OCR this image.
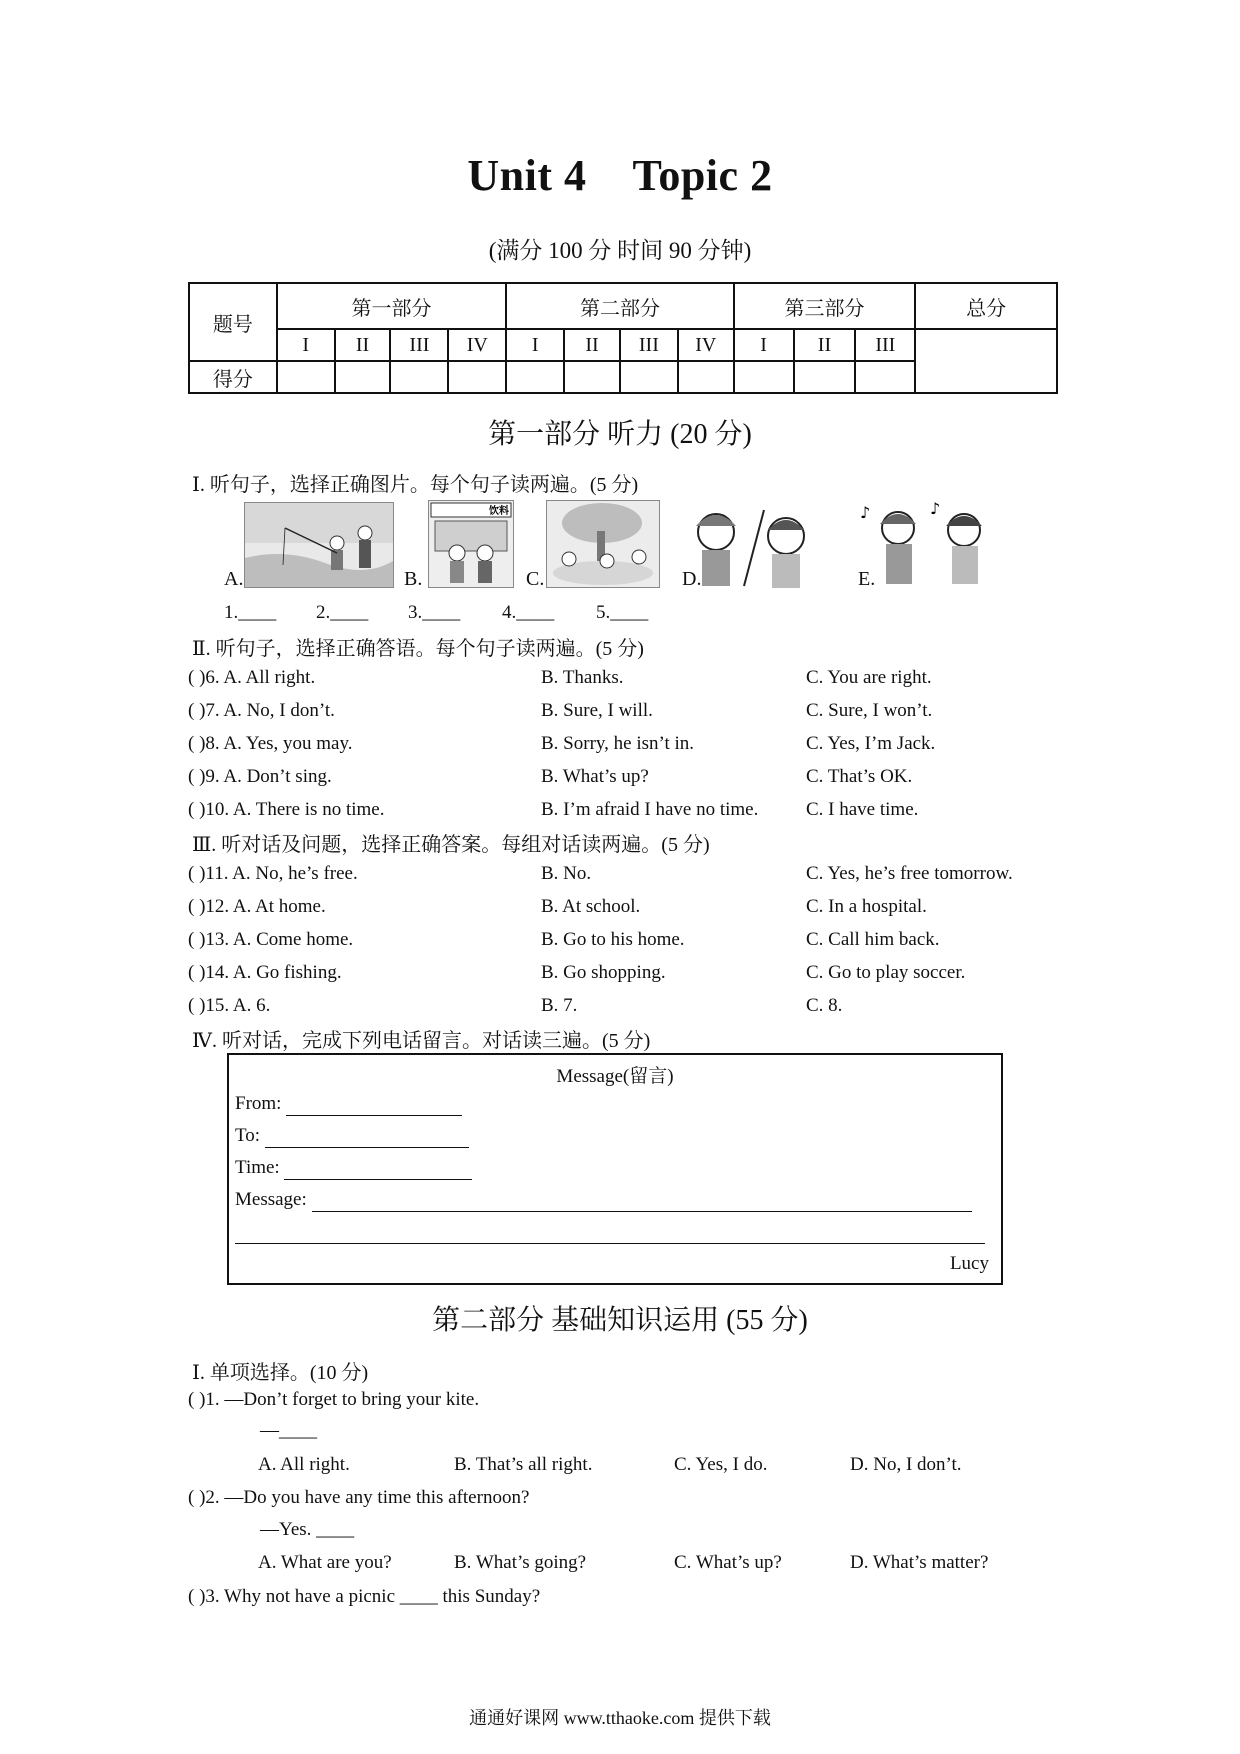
Unit 4 Topic 2
(满分 100 分 时间 90 分钟)
题号	第一部分				第二部分				第三部分			总分
	I	II	III	IV	I	II	III	IV	I	II	III	
得分												
第一部分 听力 (20 分)
Ⅰ. 听句子，选择正确图片。每个句子读两遍。(5 分)
饮料	♪	♪
A.	B.	C.	D.	E.
1.____ 2.____ 3.____ 4.____ 5.____
Ⅱ. 听句子，选择正确答语。每个句子读两遍。(5 分)
( )6. A. All right.	B. Thanks.	C. You are right.
( )7. A. No, I don’t.	B. Sure, I will.	C. Sure, I won’t.
( )8. A. Yes, you may.	B. Sorry, he isn’t in.	C. Yes, I’m Jack.
( )9. A. Don’t sing.	B. What’s up?	C. That’s OK.
( )10. A. There is no time.	B. I’m afraid I have no time.	C. I have time.
Ⅲ. 听对话及问题，选择正确答案。每组对话读两遍。(5 分)
( )11. A. No, he’s free.	B. No.	C. Yes, he’s free tomorrow.
( )12. A. At home.	B. At school.	C. In a hospital.
( )13. A. Come home.	B. Go to his home.	C. Call him back.
( )14. A. Go fishing.	B. Go shopping.	C. Go to play soccer.
( )15. A. 6.	B. 7.	C. 8.
Ⅳ. 听对话，完成下列电话留言。对话读三遍。(5 分)
Message(留言)
From:
To:
Time:
Message:
Lucy
第二部分 基础知识运用 (55 分)
Ⅰ. 单项选择。(10 分)
( )1. —Don’t forget to bring your kite.
—____
A. All right.	B. That’s all right.	C. Yes, I do.	D. No, I don’t.
( )2. —Do you have any time this afternoon?
—Yes. ____
A. What are you?	B. What’s going?	C. What’s up?	D. What’s matter?
( )3. Why not have a picnic ____ this Sunday?
通通好课网 www.tthaoke.com 提供下载
